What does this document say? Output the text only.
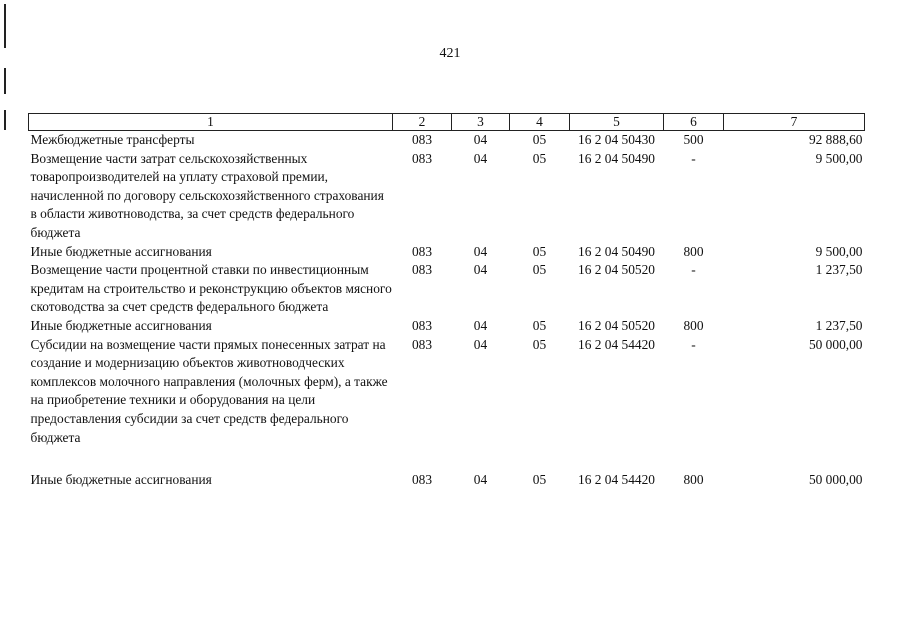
421
1	2	3	4	5	6	7
Межбюджетные трансферты	083	04	05	16 2 04 50430	500	92 888,60
Возмещение части затрат сельскохозяйственных товаропроизводителей на уплату страховой премии, начисленной по договору сельскохозяйственного страхования в области животноводства, за счет средств федерального бюджета	083	04	05	16 2 04 50490	-	9 500,00
Иные бюджетные ассигнования	083	04	05	16 2 04 50490	800	9 500,00
Возмещение части процентной ставки по инвестиционным кредитам на строительство и реконструкцию объектов мясного скотоводства за счет средств федерального бюджета	083	04	05	16 2 04 50520	-	1 237,50
Иные бюджетные ассигнования	083	04	05	16 2 04 50520	800	1 237,50
Субсидии на возмещение части прямых понесенных затрат на создание и модернизацию объектов животноводческих комплексов молочного направления (молочных ферм), а также на приобретение техники и оборудования на цели предоставления субсидии за счет средств федерального бюджета	083	04	05	16 2 04 54420	-	50 000,00

Иные бюджетные ассигнования	083	04	05	16 2 04 54420	800	50 000,00
